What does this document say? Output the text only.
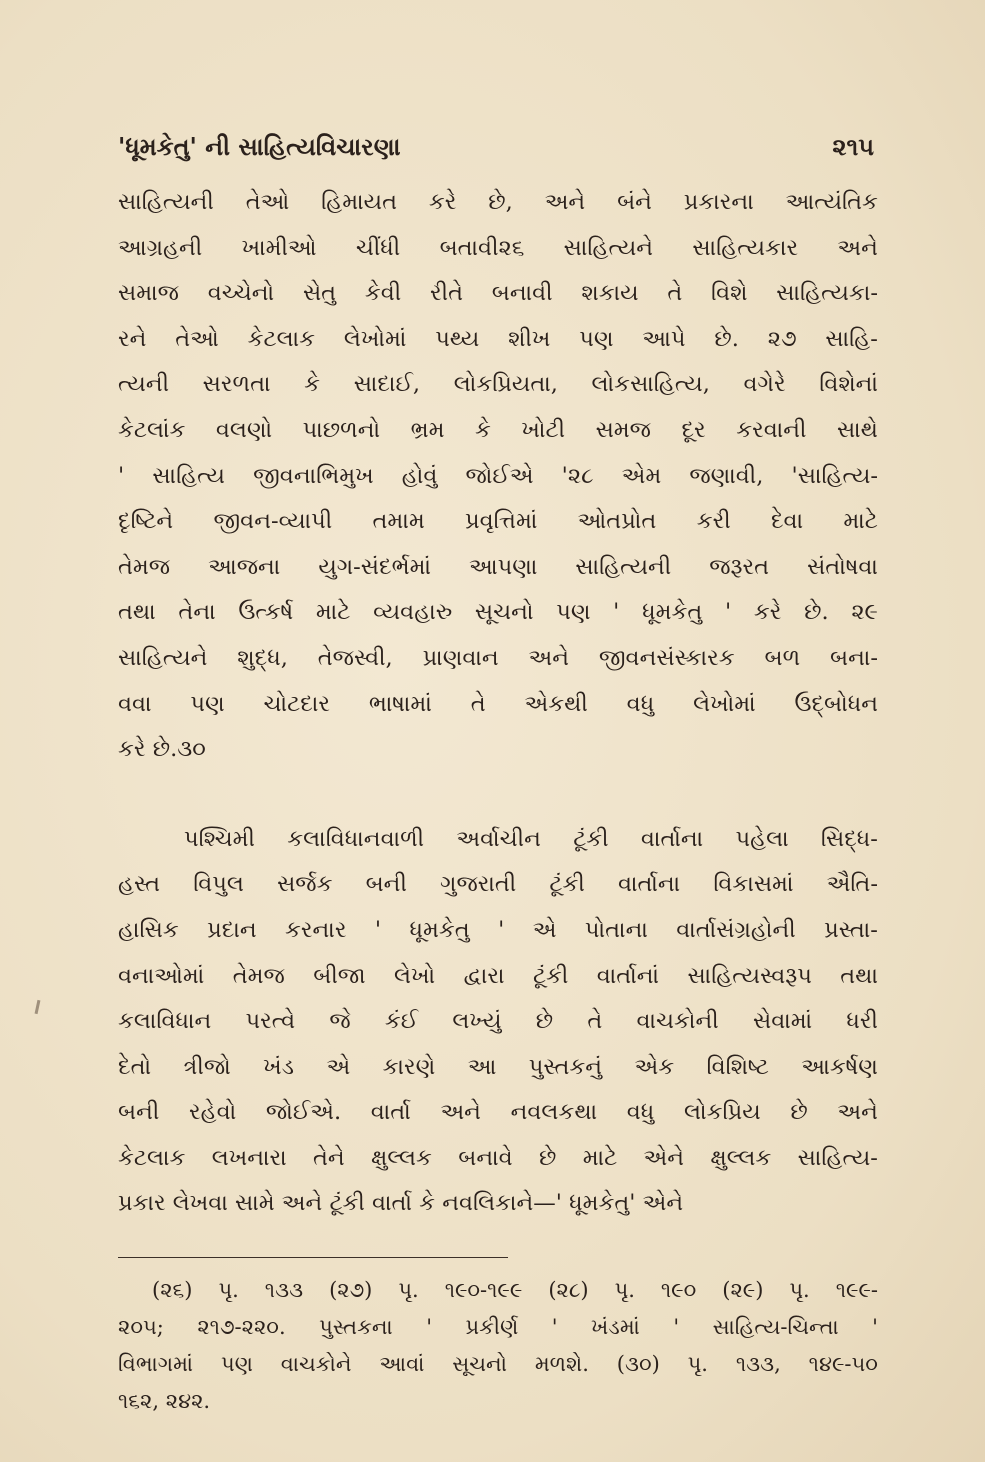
'ધૂમકેતુ' ની સાહિત્યવિચારણા	૨૧૫
સાહિત્યની તેઓ હિમાયત કરે છે, અને બંને પ્રકારના આત્યંતિક
આગ્રહની ખામીઓ ચીંધી બતાવી૨૬ સાહિત્યને સાહિત્યકાર અને
સમાજ વચ્ચેનો સેતુ કેવી રીતે બનાવી શકાય તે વિશે સાહિત્યકા-
રને તેઓ કેટલાક લેખોમાં પથ્ય શીખ પણ આપે છે. ૨૭ સાહિ-
ત્યની સરળતા કે સાદાઈ, લોકપ્રિયતા, લોકસાહિત્ય, વગેરે વિશેનાં
કેટલાંક વલણો પાછળનો ભ્રમ કે ખોટી સમજ દૂર કરવાની સાથે
' સાહિત્ય જીવનાભિમુખ હોવું જોઈએ '૨૮ એમ જણાવી, 'સાહિત્ય-
દૃષ્ટિને જીવન-વ્યાપી તમામ પ્રવૃત્તિમાં ઓતપ્રોત કરી દેવા માટે
તેમજ આજના યુગ-સંદર્ભમાં આપણા સાહિત્યની જરૂરત સંતોષવા
તથા તેના ઉત્કર્ષ માટે વ્યવહારુ સૂચનો પણ ' ધૂમકેતુ ' કરે છે. ૨૯
સાહિત્યને શુદ્ધ, તેજસ્વી, પ્રાણવાન અને જીવનસંસ્કારક બળ બના-
વવા પણ ચોટદાર ભાષામાં તે એકથી વધુ લેખોમાં ઉદ્બોધન
કરે
છે.૩૦
પશ્ચિમી કલાવિધાનવાળી અર્વાચીન ટૂંકી વાર્તાના પહેલા સિદ્ધ-
હસ્ત વિપુલ સર્જક બની ગુજરાતી ટૂંકી વાર્તાના વિકાસમાં ઐતિ-
હાસિક પ્રદાન કરનાર ' ધૂમકેતુ ' એ પોતાના વાર્તાસંગ્રહોની પ્રસ્તા-
વનાઓમાં તેમજ બીજા લેખો દ્વારા ટૂંકી વાર્તાનાં સાહિત્યસ્વરૂપ તથા
કલાવિધાન પરત્વે જે કંઈ લખ્યું છે તે વાચકોની સેવામાં ધરી
દેતો ત્રીજો ખંડ એ કારણે આ પુસ્તકનું એક વિશિષ્ટ આકર્ષણ
બની રહેવો જોઈએ. વાર્તા અને નવલકથા વધુ લોકપ્રિય છે અને
કેટલાક લખનારા તેને ક્ષુલ્લક બનાવે છે માટે એને ક્ષુલ્લક સાહિત્ય-
પ્રકાર
લેખવા
સામે
અને
ટૂંકી
વાર્તા
કે
નવલિકાને—'
ધૂમકેતુ'
એને
(૨૬) પૃ. ૧૩૩ (૨૭) પૃ. ૧૯૦-૧૯૯ (૨૮) પૃ. ૧૯૦ (૨૯) પૃ. ૧૯૯-
૨૦૫; ૨૧૭-૨૨૦. પુસ્તકના ' પ્રકીર્ણ ' ખંડમાં ' સાહિત્ય-ચિન્તા '
વિભાગમાં પણ વાચકોને આવાં સૂચનો મળશે. (૩૦) પૃ. ૧૩૩, ૧૪૯-૫૦
૧૬૨,
૨૪૨.
